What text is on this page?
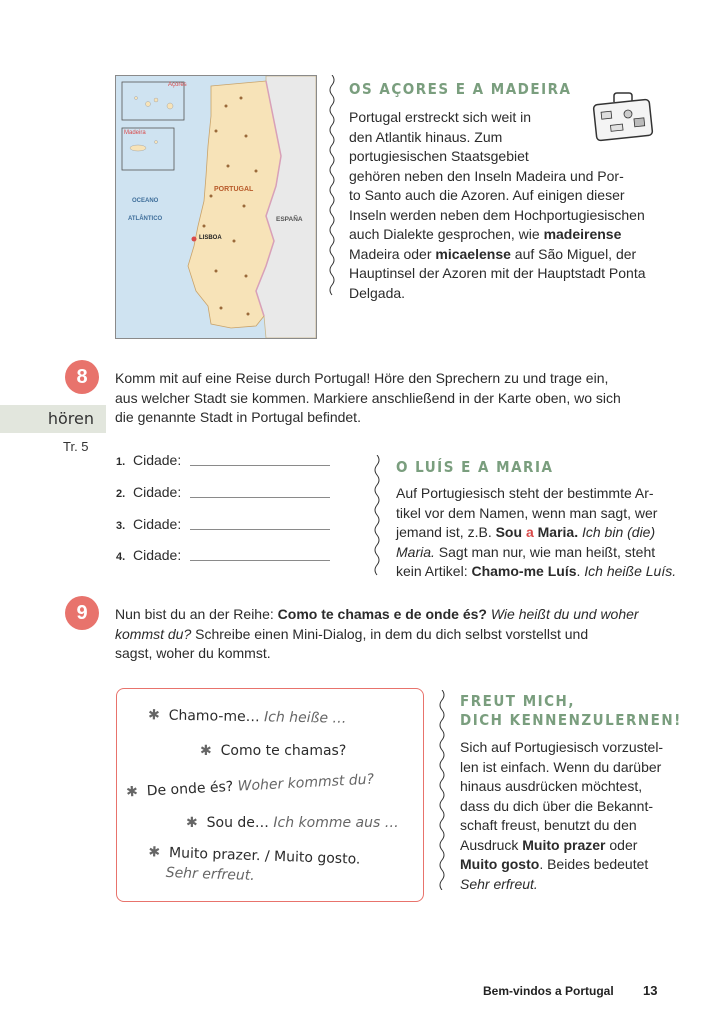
Açores
Madeira
PORTUGAL
ESPAÑA
OCEANO
ATLÂNTICO
LISBOA
OS AÇORES E A MADEIRA
Portugal erstreckt sich weit in
den Atlantik hinaus. Zum
portugiesischen Staatsgebiet
gehören neben den Inseln Madeira und Por-
to Santo auch die Azoren. Auf einigen dieser
Inseln werden neben dem Hochportugiesischen
auch Dialekte gesprochen, wie madeirense
Madeira oder micaelense auf São Miguel, der
Hauptinsel der Azoren mit der Hauptstadt Ponta
Delgada.
8	Komm mit auf eine Reise durch Portugal! Höre den Sprechern zu und trage ein,
aus welcher Stadt sie kommen. Markiere anschließend in der Karte oben, wo sich
die genannte Stadt in Portugal befindet.
hören
Tr. 5
1. Cidade:
2. Cidade:
3. Cidade:
4. Cidade:
O LUÍS E A MARIA
Auf Portugiesisch steht der bestimmte Ar-
tikel vor dem Namen, wenn man sagt, wer
jemand ist, z.B. Sou a Maria. Ich bin (die)
Maria. Sagt man nur, wie man heißt, steht
kein Artikel: Chamo-me Luís. Ich heiße Luís.
9	Nun bist du an der Reihe: Como te chamas e de onde és? Wie heißt du und woher
kommst du? Schreibe einen Mini-Dialog, in dem du dich selbst vorstellst und
sagst, woher du kommst.
✱ Chamo-me… Ich heiße …
✱ Como te chamas?
✱ De onde és? Woher kommst du?
✱ Sou de… Ich komme aus …
✱ Muito prazer. / Muito gosto.
Sehr erfreut.
FREUT MICH,
DICH KENNENZULERNEN!
Sich auf Portugiesisch vorzustel-
len ist einfach. Wenn du darüber
hinaus ausdrücken möchtest,
dass du dich über die Bekannt-
schaft freust, benutzt du den
Ausdruck Muito prazer oder
Muito gosto. Beides bedeutet
Sehr erfreut.
Bem-vindos a Portugal 13
